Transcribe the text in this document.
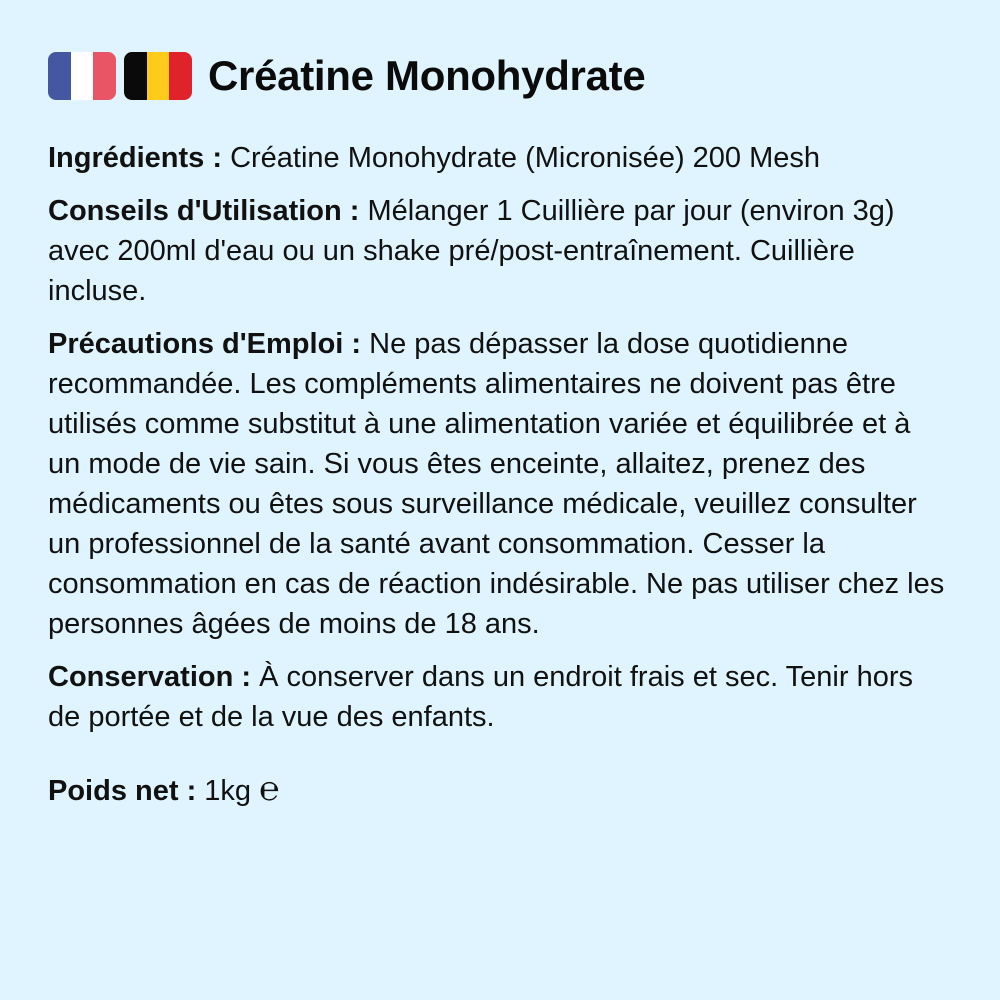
Créatine Monohydrate
Ingrédients : Créatine Monohydrate (Micronisée) 200 Mesh
Conseils d'Utilisation : Mélanger 1 Cuillière par jour (environ 3g) avec 200ml d'eau ou un shake pré/post-entraînement. Cuillière incluse.
Précautions d'Emploi : Ne pas dépasser la dose quotidienne recommandée. Les compléments alimentaires ne doivent pas être utilisés comme substitut à une alimentation variée et équilibrée et à un mode de vie sain. Si vous êtes enceinte, allaitez, prenez des médicaments ou êtes sous surveillance médicale, veuillez consulter un professionnel de la santé avant consommation. Cesser la consommation en cas de réaction indésirable. Ne pas utiliser chez les personnes âgées de moins de 18 ans.
Conservation : À conserver dans un endroit frais et sec. Tenir hors de portée et de la vue des enfants.
Poids net : 1kg ℮
